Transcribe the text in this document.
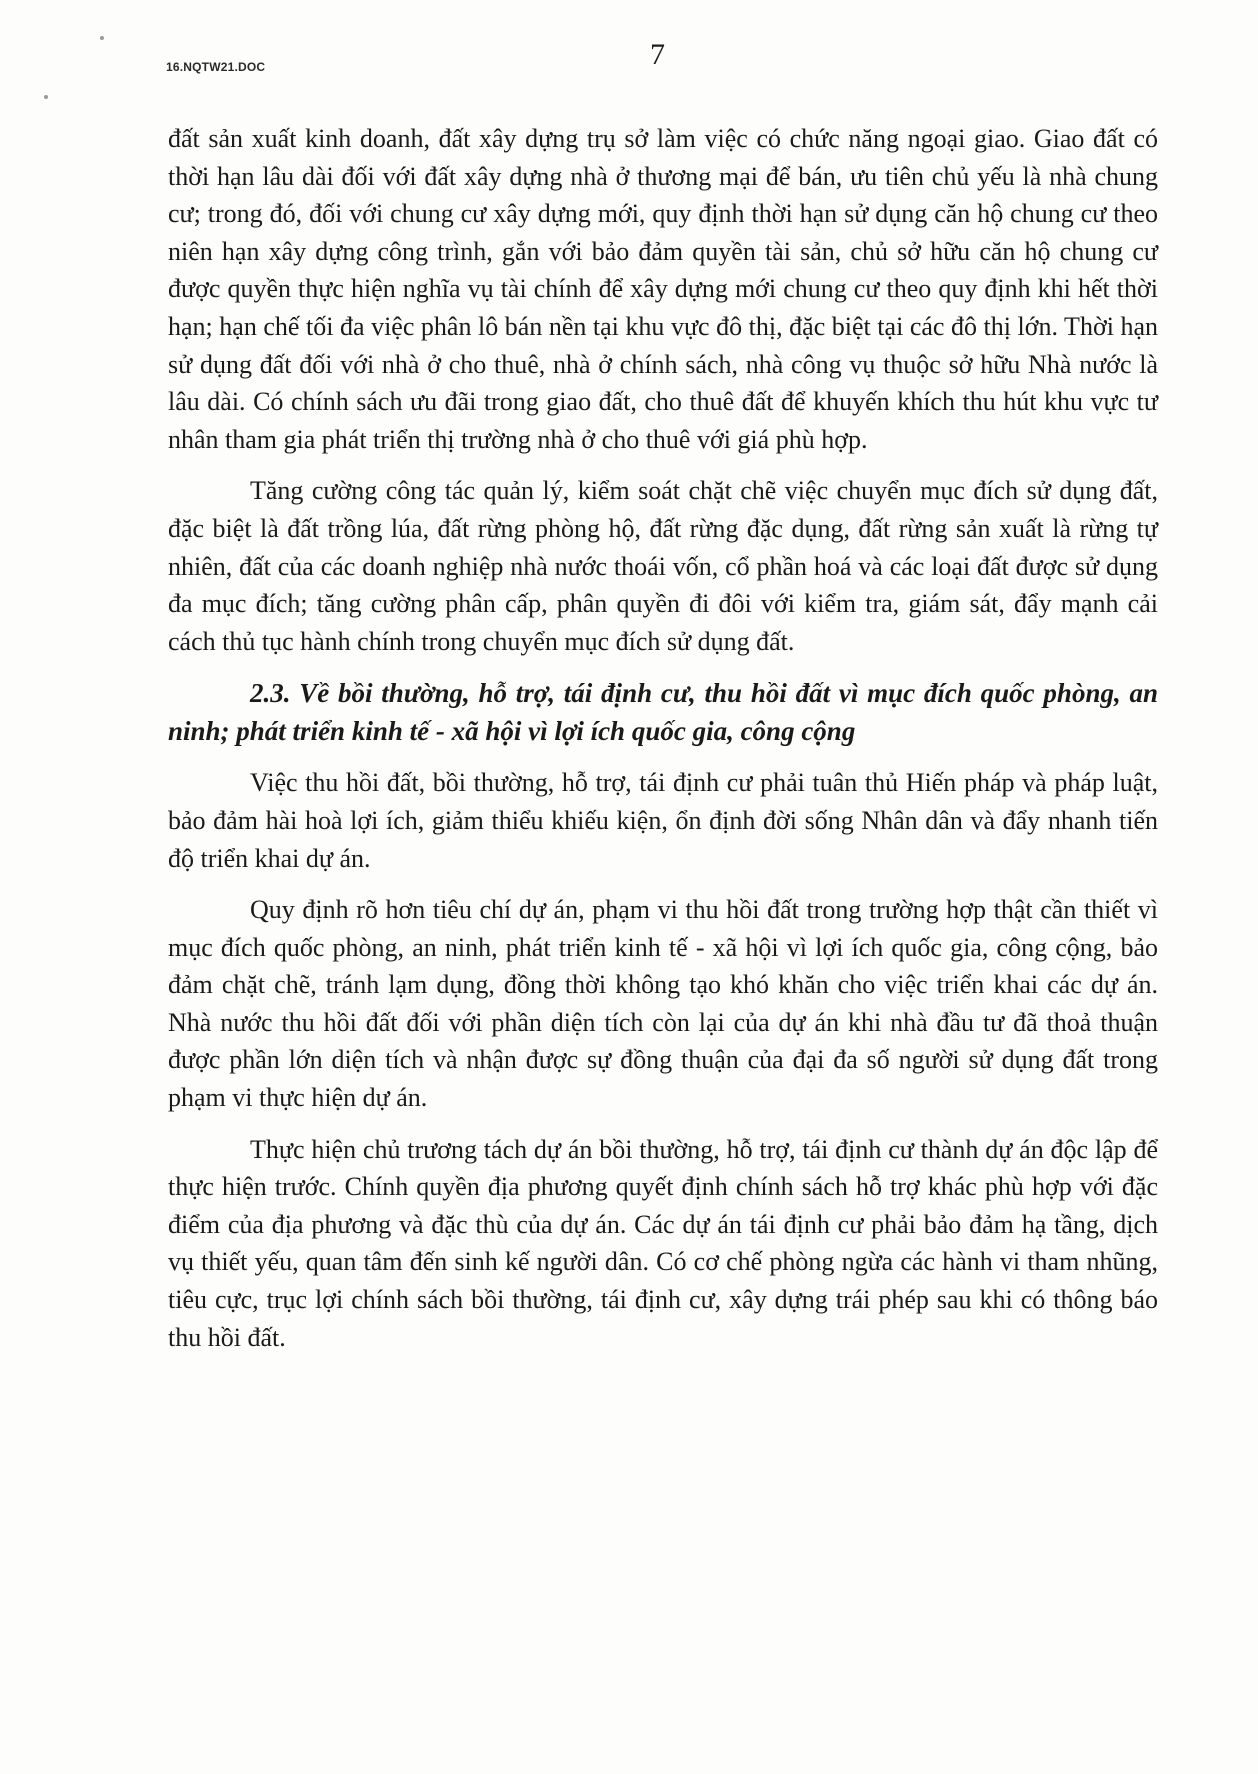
16.NQTW21.DOC	7

đất sản xuất kinh doanh, đất xây dựng trụ sở làm việc có chức năng ngoại giao. Giao đất có thời hạn lâu dài đối với đất xây dựng nhà ở thương mại để bán, ưu tiên chủ yếu là nhà chung cư; trong đó, đối với chung cư xây dựng mới, quy định thời hạn sử dụng căn hộ chung cư theo niên hạn xây dựng công trình, gắn với bảo đảm quyền tài sản, chủ sở hữu căn hộ chung cư được quyền thực hiện nghĩa vụ tài chính để xây dựng mới chung cư theo quy định khi hết thời hạn; hạn chế tối đa việc phân lô bán nền tại khu vực đô thị, đặc biệt tại các đô thị lớn. Thời hạn sử dụng đất đối với nhà ở cho thuê, nhà ở chính sách, nhà công vụ thuộc sở hữu Nhà nước là lâu dài. Có chính sách ưu đãi trong giao đất, cho thuê đất để khuyến khích thu hút khu vực tư nhân tham gia phát triển thị trường nhà ở cho thuê với giá phù hợp.

Tăng cường công tác quản lý, kiểm soát chặt chẽ việc chuyển mục đích sử dụng đất, đặc biệt là đất trồng lúa, đất rừng phòng hộ, đất rừng đặc dụng, đất rừng sản xuất là rừng tự nhiên, đất của các doanh nghiệp nhà nước thoái vốn, cổ phần hoá và các loại đất được sử dụng đa mục đích; tăng cường phân cấp, phân quyền đi đôi với kiểm tra, giám sát, đẩy mạnh cải cách thủ tục hành chính trong chuyển mục đích sử dụng đất.

2.3. Về bồi thường, hỗ trợ, tái định cư, thu hồi đất vì mục đích quốc phòng, an ninh; phát triển kinh tế - xã hội vì lợi ích quốc gia, công cộng

Việc thu hồi đất, bồi thường, hỗ trợ, tái định cư phải tuân thủ Hiến pháp và pháp luật, bảo đảm hài hoà lợi ích, giảm thiểu khiếu kiện, ổn định đời sống Nhân dân và đẩy nhanh tiến độ triển khai dự án.

Quy định rõ hơn tiêu chí dự án, phạm vi thu hồi đất trong trường hợp thật cần thiết vì mục đích quốc phòng, an ninh, phát triển kinh tế - xã hội vì lợi ích quốc gia, công cộng, bảo đảm chặt chẽ, tránh lạm dụng, đồng thời không tạo khó khăn cho việc triển khai các dự án. Nhà nước thu hồi đất đối với phần diện tích còn lại của dự án khi nhà đầu tư đã thoả thuận được phần lớn diện tích và nhận được sự đồng thuận của đại đa số người sử dụng đất trong phạm vi thực hiện dự án.

Thực hiện chủ trương tách dự án bồi thường, hỗ trợ, tái định cư thành dự án độc lập để thực hiện trước. Chính quyền địa phương quyết định chính sách hỗ trợ khác phù hợp với đặc điểm của địa phương và đặc thù của dự án. Các dự án tái định cư phải bảo đảm hạ tầng, dịch vụ thiết yếu, quan tâm đến sinh kế người dân. Có cơ chế phòng ngừa các hành vi tham nhũng, tiêu cực, trục lợi chính sách bồi thường, tái định cư, xây dựng trái phép sau khi có thông báo thu hồi đất.
